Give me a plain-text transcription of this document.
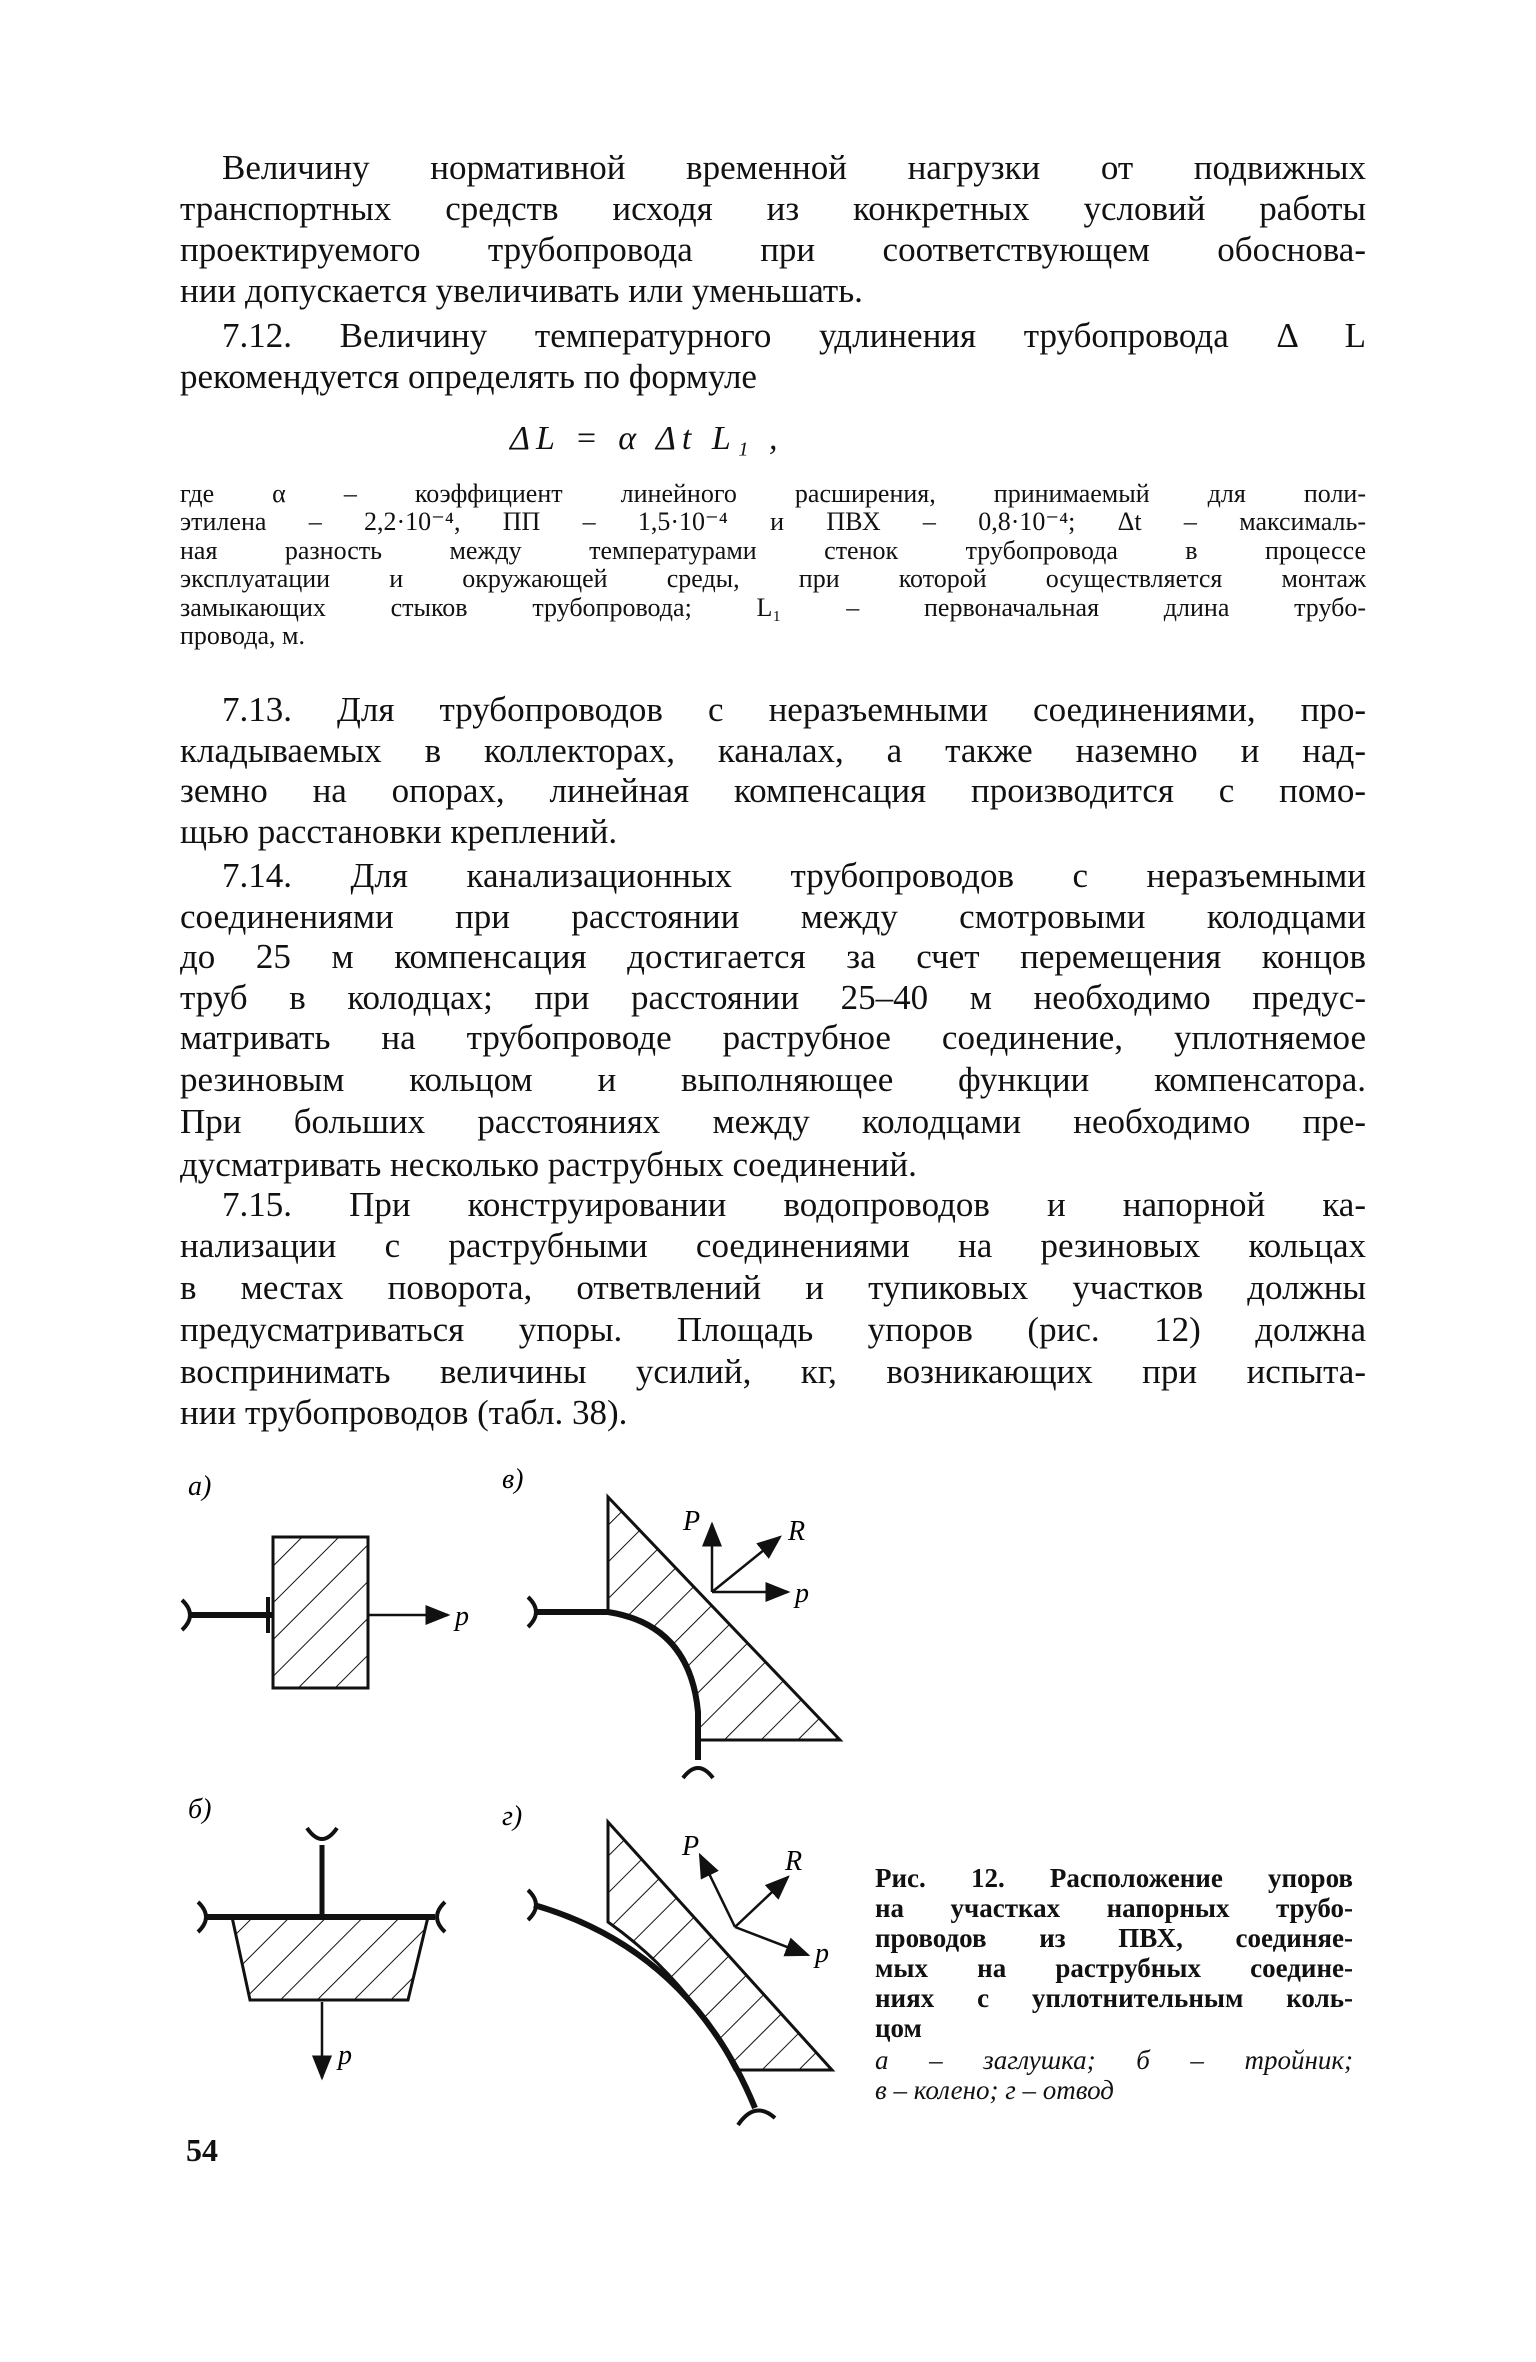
Величину нормативной временной нагрузки от подвижных
транспортных средств исходя из конкретных условий работы
проектируемого трубопровода при соответствующем обоснова-
нии допускается увеличивать или уменьшать.
7.12. Величину температурного удлинения трубопровода Δ L
рекомендуется определять по формуле
ΔL = α Δt L₁ ,
где α – коэффициент линейного расширения, принимаемый для поли-
этилена – 2,2·10⁻⁴, ПП – 1,5·10⁻⁴ и ПВХ – 0,8·10⁻⁴; Δt – максималь-
ная разность между температурами стенок трубопровода в процессе
эксплуатации и окружающей среды, при которой осуществляется монтаж
замыкающих стыков трубопровода; L₁ – первоначальная длина трубо-
провода, м.
7.13. Для трубопроводов с неразъемными соединениями, про-
кладываемых в коллекторах, каналах, а также наземно и над-
земно на опорах, линейная компенсация производится с помо-
щью расстановки креплений.
7.14. Для канализационных трубопроводов с неразъемными
соединениями при расстоянии между смотровыми колодцами
до 25 м компенсация достигается за счет перемещения концов
труб в колодцах; при расстоянии 25–40 м необходимо предус-
матривать на трубопроводе раструбное соединение, уплотняемое
резиновым кольцом и выполняющее функции компенсатора.
При больших расстояниях между колодцами необходимо пре-
дусматривать несколько раструбных соединений.
7.15. При конструировании водопроводов и напорной ка-
нализации с раструбными соединениями на резиновых кольцах
в местах поворота, ответвлений и тупиковых участков должны
предусматриваться упоры. Площадь упоров (рис. 12) должна
воспринимать величины усилий, кг, возникающих при испыта-
нии трубопроводов (табл. 38).
а)
p
в)
P	R
p
б)
p
г)
P	R
p
Рис. 12. Расположение упоров
на участках напорных трубо-
проводов из ПВХ, соединяе-
мых на раструбных соедине-
ниях с уплотнительным коль-
цом
а – заглушка; б – тройник;
в – колено; г – отвод
54
